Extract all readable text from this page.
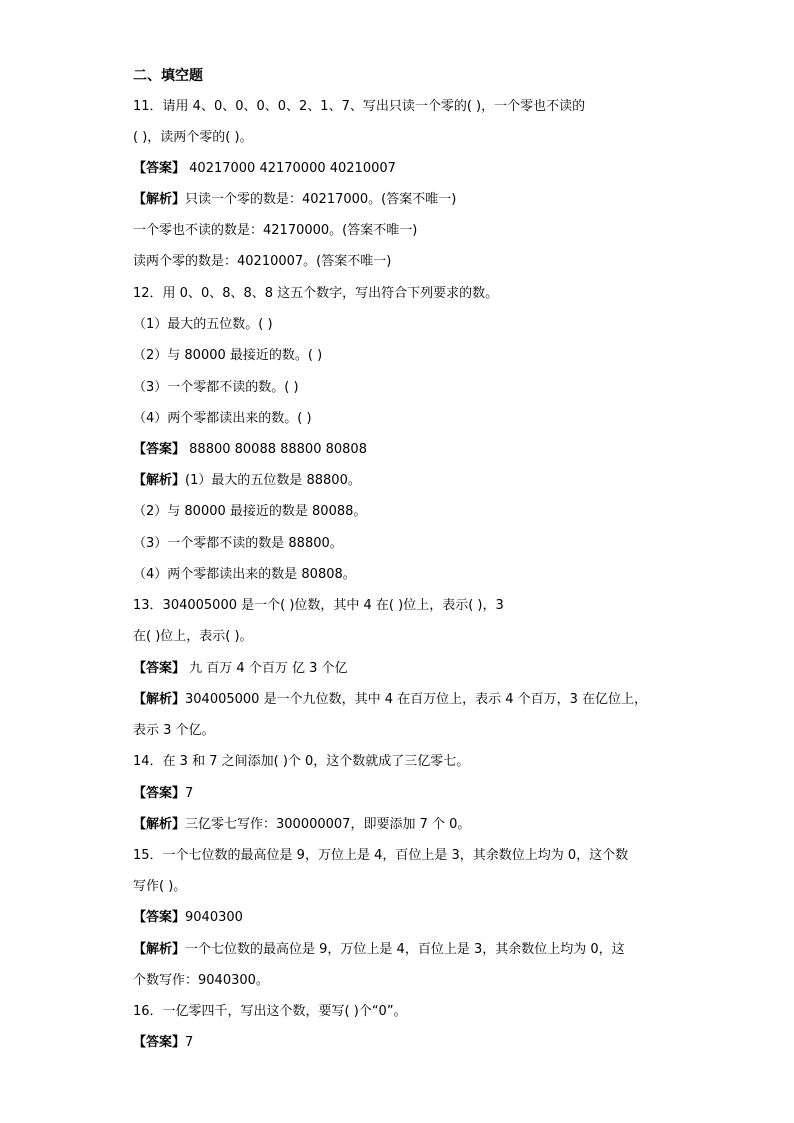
二、填空题
11．请用 4、0、0、0、0、2、1、7、写出只读一个零的( )，一个零也不读的
( )，读两个零的( )。
【答案】 40217000 42170000 40210007
【解析】只读一个零的数是：40217000。(答案不唯一)
一个零也不读的数是：42170000。(答案不唯一)
读两个零的数是：40210007。(答案不唯一)
12．用 0、0、8、8、8 这五个数字，写出符合下列要求的数。
（1）最大的五位数。( )
（2）与 80000 最接近的数。( )
（3）一个零都不读的数。( )
（4）两个零都读出来的数。( )
【答案】 88800 80088 88800 80808
【解析】(1）最大的五位数是 88800。
（2）与 80000 最接近的数是 80088。
（3）一个零都不读的数是 88800。
（4）两个零都读出来的数是 80808。
13．304005000 是一个( )位数，其中 4 在( )位上，表示( )，3
在( )位上，表示( )。
【答案】 九 百万 4 个百万 亿 3 个亿
【解析】304005000 是一个九位数，其中 4 在百万位上，表示 4 个百万，3 在亿位上，
表示 3 个亿。
14．在 3 和 7 之间添加( )个 0，这个数就成了三亿零七。
【答案】7
【解析】三亿零七写作：300000007，即要添加 7 个 0。
15．一个七位数的最高位是 9，万位上是 4，百位上是 3，其余数位上均为 0，这个数
写作( )。
【答案】9040300
【解析】一个七位数的最高位是 9，万位上是 4，百位上是 3，其余数位上均为 0，这
个数写作：9040300。
16．一亿零四千，写出这个数，要写( )个“0”。
【答案】7
